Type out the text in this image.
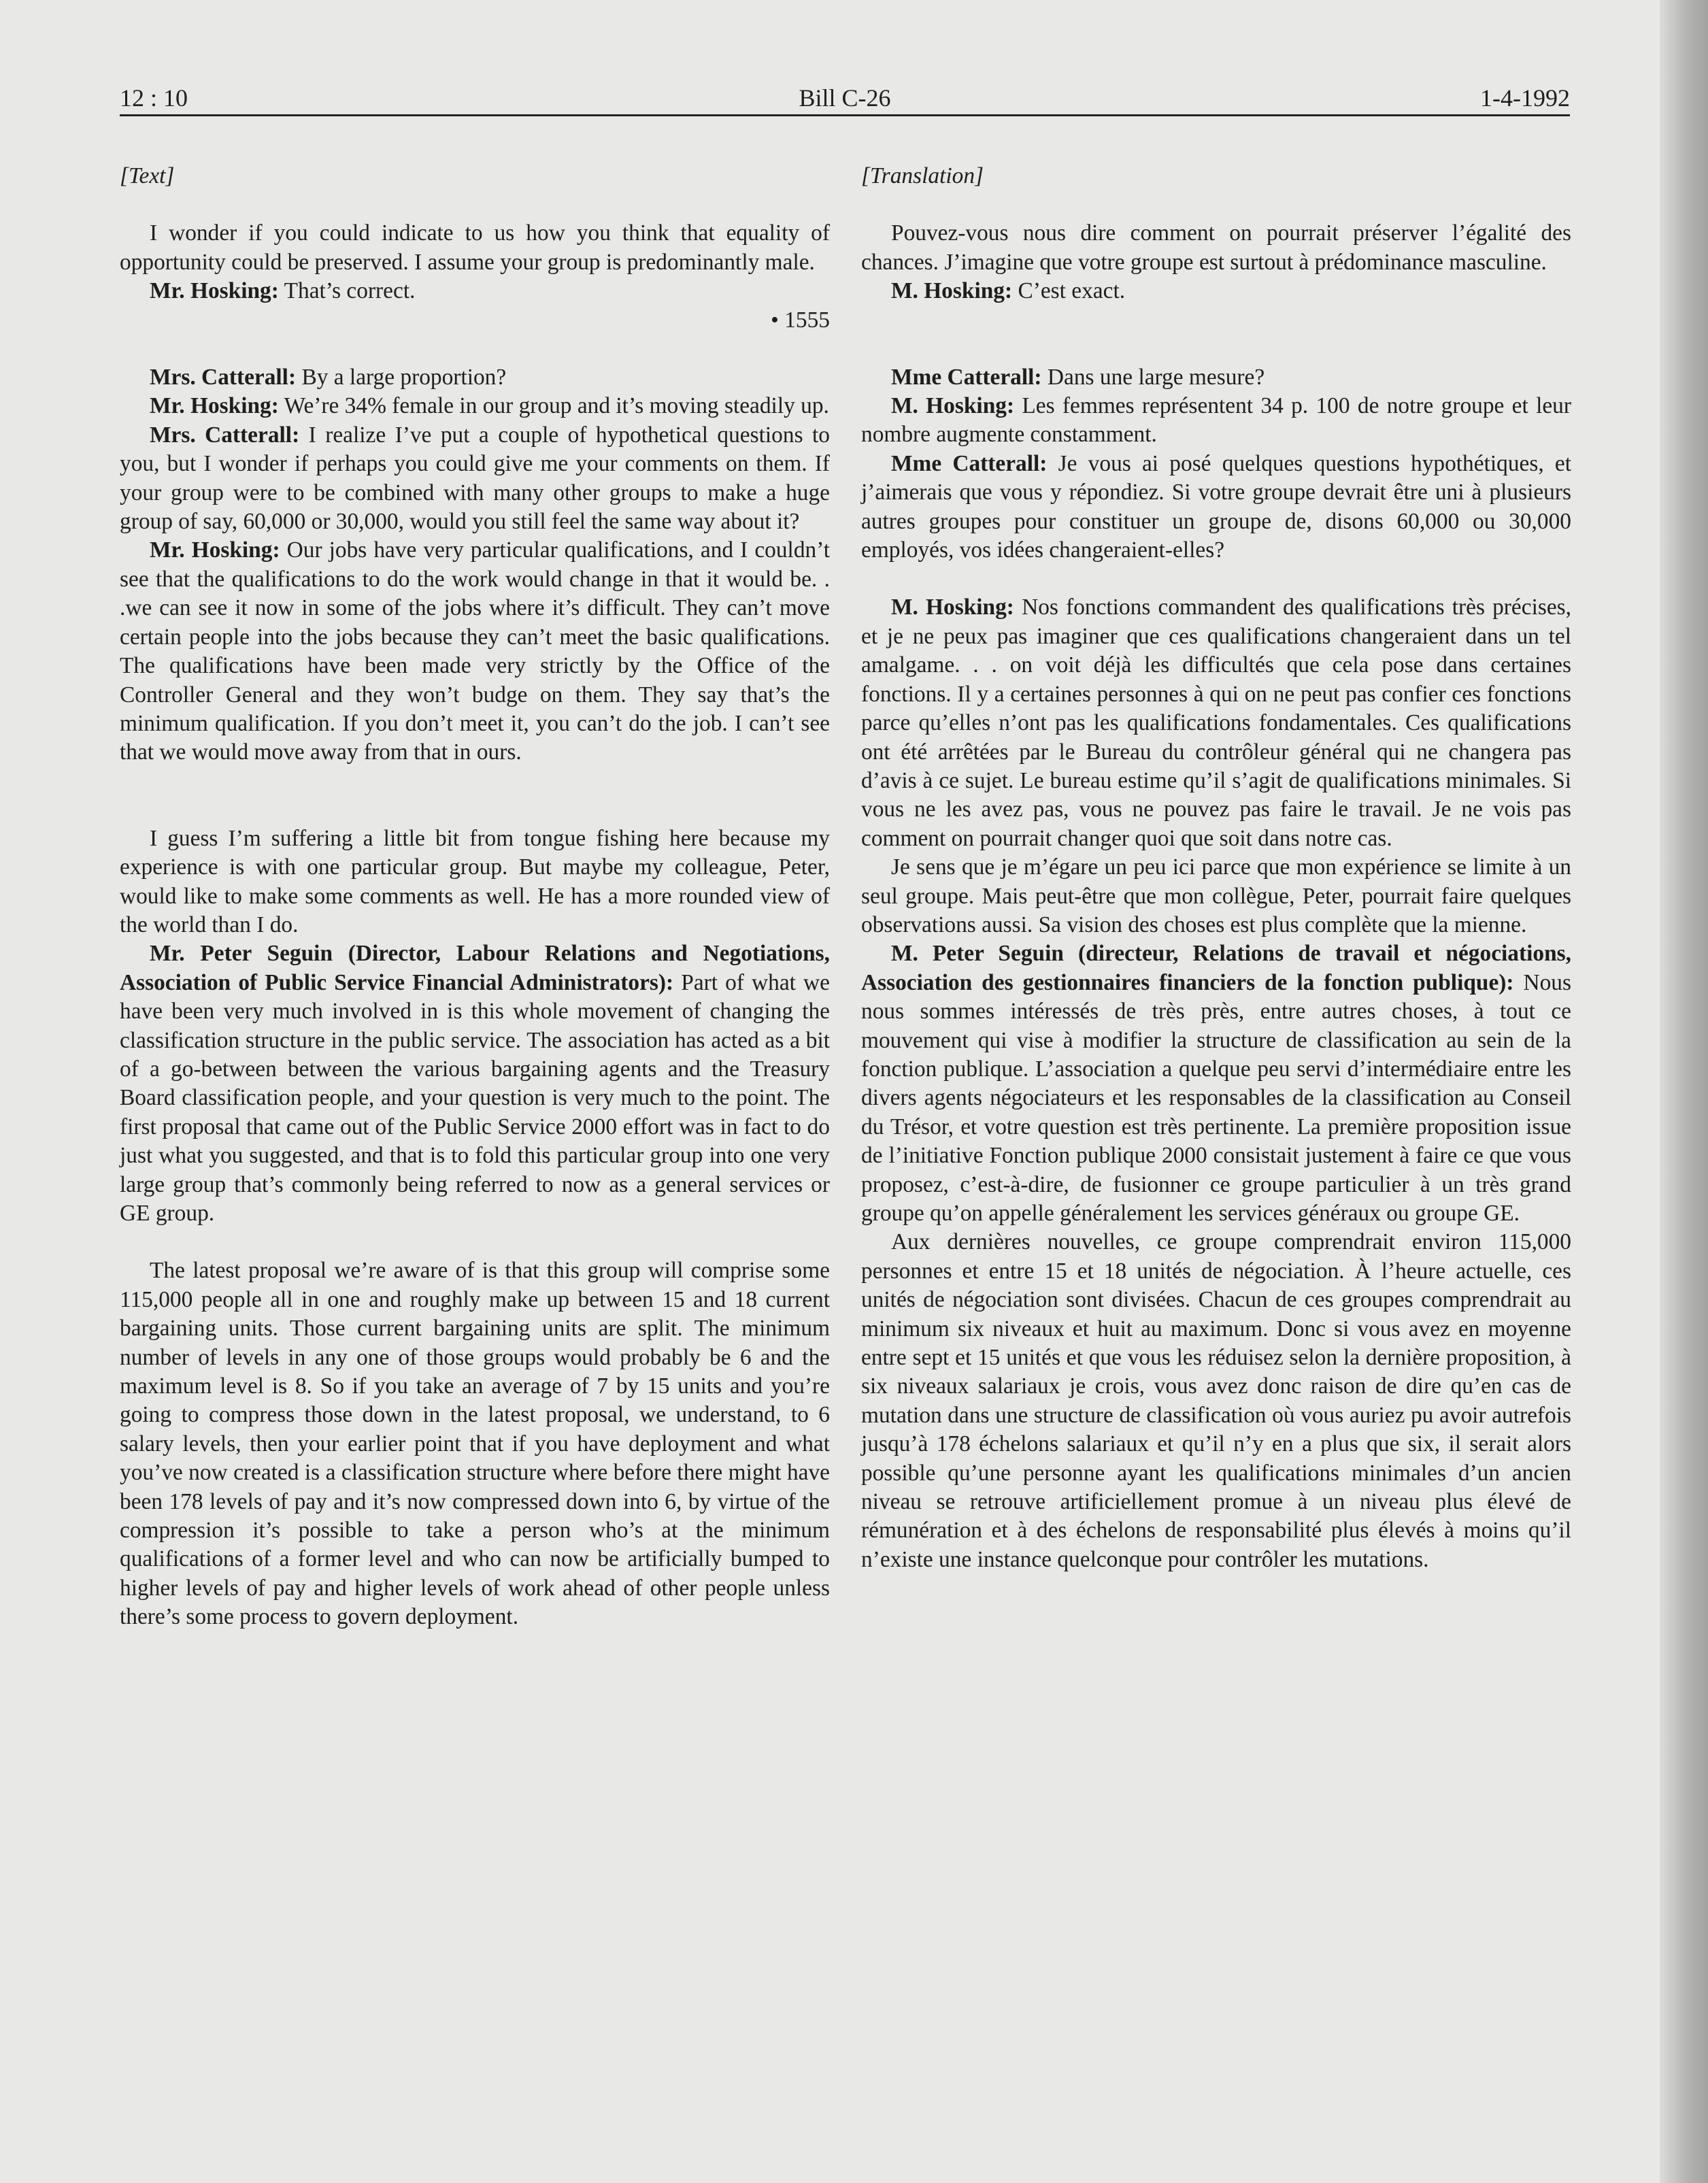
12 : 10	Bill C-26	1-4-1992

[Text]

I wonder if you could indicate to us how you think that equality of opportunity could be preserved. I assume your group is predominantly male.

Mr. Hosking: That’s correct.

• 1555

Mrs. Catterall: By a large proportion?

Mr. Hosking: We’re 34% female in our group and it’s moving steadily up.

Mrs. Catterall: I realize I’ve put a couple of hypothetical questions to you, but I wonder if perhaps you could give me your comments on them. If your group were to be combined with many other groups to make a huge group of say, 60,000 or 30,000, would you still feel the same way about it?

Mr. Hosking: Our jobs have very particular qualifications, and I couldn’t see that the qualifications to do the work would change in that it would be. . .we can see it now in some of the jobs where it’s difficult. They can’t move certain people into the jobs because they can’t meet the basic qualifications. The qualifications have been made very strictly by the Office of the Controller General and they won’t budge on them. They say that’s the minimum qualification. If you don’t meet it, you can’t do the job. I can’t see that we would move away from that in ours.

I guess I’m suffering a little bit from tongue fishing here because my experience is with one particular group. But maybe my colleague, Peter, would like to make some comments as well. He has a more rounded view of the world than I do.

Mr. Peter Seguin (Director, Labour Relations and Negotiations, Association of Public Service Financial Administrators): Part of what we have been very much involved in is this whole movement of changing the classification structure in the public service. The association has acted as a bit of a go-between between the various bargaining agents and the Treasury Board classification people, and your question is very much to the point. The first proposal that came out of the Public Service 2000 effort was in fact to do just what you suggested, and that is to fold this particular group into one very large group that’s commonly being referred to now as a general services or GE group.

The latest proposal we’re aware of is that this group will comprise some 115,000 people all in one and roughly make up between 15 and 18 current bargaining units. Those current bargaining units are split. The minimum number of levels in any one of those groups would probably be 6 and the maximum level is 8. So if you take an average of 7 by 15 units and you’re going to compress those down in the latest proposal, we understand, to 6 salary levels, then your earlier point that if you have deployment and what you’ve now created is a classification structure where before there might have been 178 levels of pay and it’s now compressed down into 6, by virtue of the compression it’s possible to take a person who’s at the minimum qualifications of a former level and who can now be artificially bumped to higher levels of pay and higher levels of work ahead of other people unless there’s some process to govern deployment.

[Translation]

Pouvez-vous nous dire comment on pourrait préserver l’égalité des chances. J’imagine que votre groupe est surtout à prédominance masculine.

M. Hosking: C’est exact.

Mme Catterall: Dans une large mesure?

M. Hosking: Les femmes représentent 34 p. 100 de notre groupe et leur nombre augmente constamment.

Mme Catterall: Je vous ai posé quelques questions hypothétiques, et j’aimerais que vous y répondiez. Si votre groupe devrait être uni à plusieurs autres groupes pour constituer un groupe de, disons 60,000 ou 30,000 employés, vos idées changeraient-elles?

M. Hosking: Nos fonctions commandent des qualifications très précises, et je ne peux pas imaginer que ces qualifications changeraient dans un tel amalgame. . . on voit déjà les difficultés que cela pose dans certaines fonctions. Il y a certaines personnes à qui on ne peut pas confier ces fonctions parce qu’elles n’ont pas les qualifications fondamentales. Ces qualifications ont été arrêtées par le Bureau du contrôleur général qui ne changera pas d’avis à ce sujet. Le bureau estime qu’il s’agit de qualifications minimales. Si vous ne les avez pas, vous ne pouvez pas faire le travail. Je ne vois pas comment on pourrait changer quoi que soit dans notre cas.

Je sens que je m’égare un peu ici parce que mon expérience se limite à un seul groupe. Mais peut-être que mon collègue, Peter, pourrait faire quelques observations aussi. Sa vision des choses est plus complète que la mienne.

M. Peter Seguin (directeur, Relations de travail et négociations, Association des gestionnaires financiers de la fonction publique): Nous nous sommes intéressés de très près, entre autres choses, à tout ce mouvement qui vise à modifier la structure de classification au sein de la fonction publique. L’association a quelque peu servi d’intermédiaire entre les divers agents négociateurs et les responsables de la classification au Conseil du Trésor, et votre question est très pertinente. La première proposition issue de l’initiative Fonction publique 2000 consistait justement à faire ce que vous proposez, c’est-à-dire, de fusionner ce groupe particulier à un très grand groupe qu’on appelle généralement les services généraux ou groupe GE.

Aux dernières nouvelles, ce groupe comprendrait environ 115,000 personnes et entre 15 et 18 unités de négociation. À l’heure actuelle, ces unités de négociation sont divisées. Chacun de ces groupes comprendrait au minimum six niveaux et huit au maximum. Donc si vous avez en moyenne entre sept et 15 unités et que vous les réduisez selon la dernière proposition, à six niveaux salariaux je crois, vous avez donc raison de dire qu’en cas de mutation dans une structure de classification où vous auriez pu avoir autrefois jusqu’à 178 échelons salariaux et qu’il n’y en a plus que six, il serait alors possible qu’une personne ayant les qualifications minimales d’un ancien niveau se retrouve artificiellement promue à un niveau plus élevé de rémunération et à des échelons de responsabilité plus élevés à moins qu’il n’existe une instance quelconque pour contrôler les mutations.
